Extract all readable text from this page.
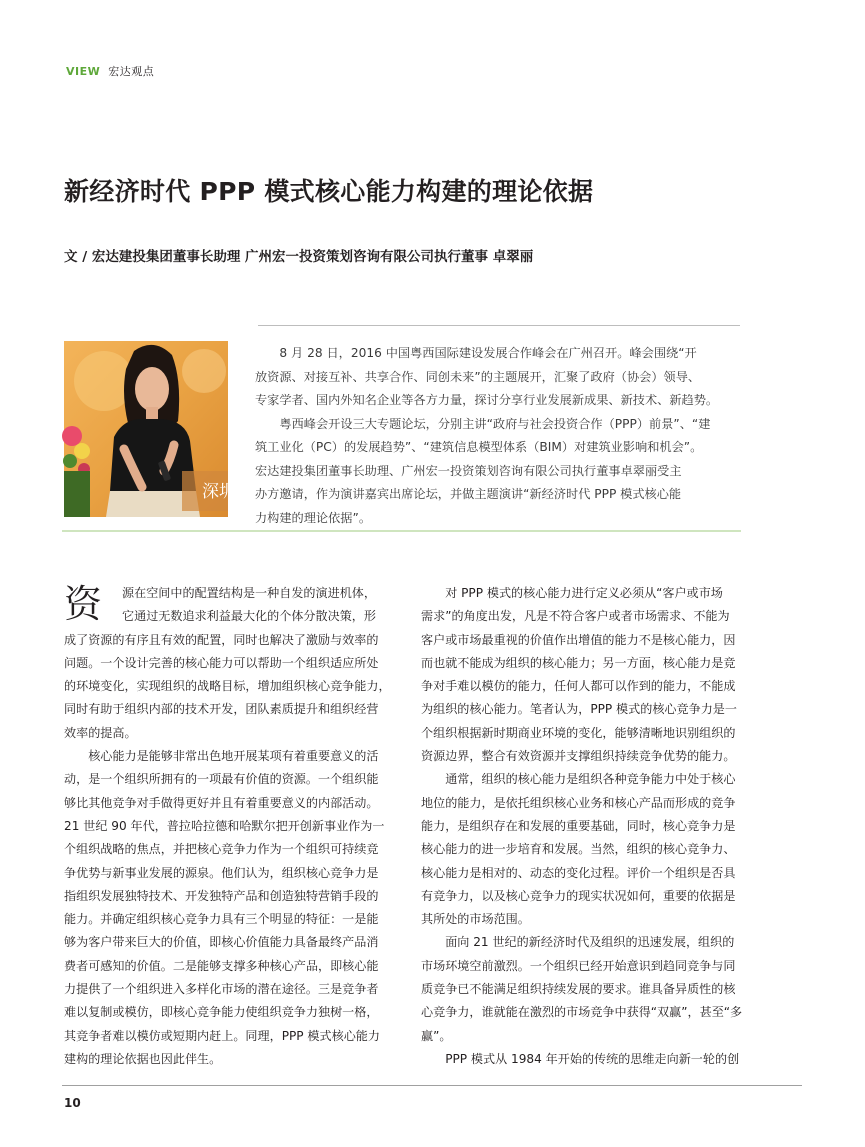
VIEW 宏达观点
新经济时代 PPP 模式核心能力构建的理论依据
文 / 宏达建投集团董事长助理 广州宏一投资策划咨询有限公司执行董事 卓翠丽
深圳

8 月 28 日，2016 中国粤西国际建设发展合作峰会在广州召开。峰会围绕“开

放资源、对接互补、共享合作、同创未来”的主题展开，汇聚了政府（协会）领导、
专家学者、国内外知名企业等各方力量，探讨分享行业发展新成果、新技术、新趋势。

粤西峰会开设三大专题论坛，分别主讲“政府与社会投资合作（PPP）前景”、“建

筑工业化（PC）的发展趋势”、“建筑信息模型体系（BIM）对建筑业影响和机会”。
宏达建投集团董事长助理、广州宏一投资策划咨询有限公司执行董事卓翠丽受主
办方邀请，作为演讲嘉宾出席论坛，并做主题演讲“新经济时代 PPP 模式核心能
力构建的理论依据”。
资	源在空间中的配置结构是一种自发的演进机体，
它通过无数追求利益最大化的个体分散决策，形
成了资源的有序且有效的配置，同时也解决了激励与效率的
问题。一个设计完善的核心能力可以帮助一个组织适应所处
的环境变化，实现组织的战略目标，增加组织核心竞争能力，
同时有助于组织内部的技术开发，团队素质提升和组织经营
效率的提高。
核心能力是能够非常出色地开展某项有着重要意义的活
动，是一个组织所拥有的一项最有价值的资源。一个组织能
够比其他竞争对手做得更好并且有着重要意义的内部活动。
21 世纪 90 年代，普拉哈拉德和哈默尔把开创新事业作为一
个组织战略的焦点，并把核心竞争力作为一个组织可持续竞
争优势与新事业发展的源泉。他们认为，组织核心竞争力是
指组织发展独特技术、开发独特产品和创造独特营销手段的
能力。并确定组织核心竞争力具有三个明显的特征：一是能
够为客户带来巨大的价值，即核心价值能力具备最终产品消
费者可感知的价值。二是能够支撑多种核心产品，即核心能
力提供了一个组织进入多样化市场的潜在途径。三是竞争者
难以复制或模仿，即核心竞争能力使组织竞争力独树一格，
其竞争者难以模仿或短期内赶上。同理，PPP 模式核心能力
建构的理论依据也因此伴生。
对 PPP 模式的核心能力进行定义必须从“客户或市场
需求”的角度出发，凡是不符合客户或者市场需求、不能为
客户或市场最重视的价值作出增值的能力不是核心能力，因
而也就不能成为组织的核心能力；另一方面，核心能力是竞
争对手难以模仿的能力，任何人都可以作到的能力，不能成
为组织的核心能力。笔者认为，PPP 模式的核心竞争力是一
个组织根据新时期商业环境的变化，能够清晰地识别组织的
资源边界，整合有效资源并支撑组织持续竞争优势的能力。
通常，组织的核心能力是组织各种竞争能力中处于核心
地位的能力，是依托组织核心业务和核心产品而形成的竞争
能力，是组织存在和发展的重要基础，同时，核心竞争力是
核心能力的进一步培育和发展。当然，组织的核心竞争力、
核心能力是相对的、动态的变化过程。评价一个组织是否具
有竞争力，以及核心竞争力的现实状况如何，重要的依据是
其所处的市场范围。
面向 21 世纪的新经济时代及组织的迅速发展，组织的
市场环境空前激烈。一个组织已经开始意识到趋同竞争与同
质竞争已不能满足组织持续发展的要求。谁具备异质性的核
心竞争力，谁就能在激烈的市场竞争中获得“双赢”，甚至“多
赢”。
PPP 模式从 1984 年开始的传统的思维走向新一轮的创
10
